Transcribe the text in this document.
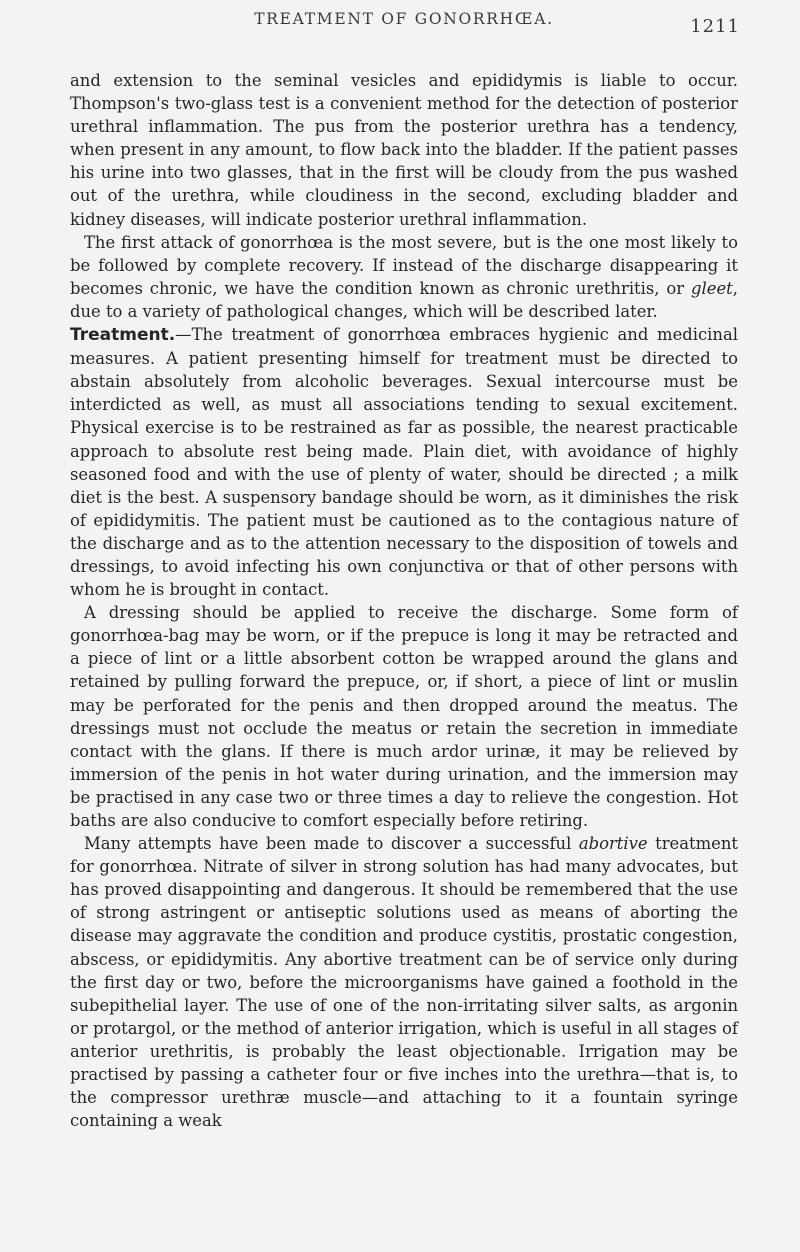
TREATMENT OF GONORRHŒA.	1211

and extension to the seminal vesicles and epididymis is liable to occur. Thompson's two-glass test is a convenient method for the detection of posterior urethral inflammation. The pus from the posterior urethra has a tendency, when present in any amount, to flow back into the bladder. If the patient passes his urine into two glasses, that in the first will be cloudy from the pus washed out of the urethra, while cloudiness in the second, excluding bladder and kidney diseases, will indicate posterior urethral inflammation.

The first attack of gonorrhœa is the most severe, but is the one most likely to be followed by complete recovery. If instead of the discharge disappearing it becomes chronic, we have the condition known as chronic urethritis, or gleet, due to a variety of pathological changes, which will be described later.

Treatment.—The treatment of gonorrhœa embraces hygienic and medicinal measures. A patient presenting himself for treatment must be directed to abstain absolutely from alcoholic beverages. Sexual intercourse must be interdicted as well, as must all associations tending to sexual excitement. Physical exercise is to be restrained as far as possible, the nearest practicable approach to absolute rest being made. Plain diet, with avoidance of highly seasoned food and with the use of plenty of water, should be directed ; a milk diet is the best. A suspensory bandage should be worn, as it diminishes the risk of epididymitis. The patient must be cautioned as to the contagious nature of the discharge and as to the attention necessary to the disposition of towels and dressings, to avoid infecting his own conjunctiva or that of other persons with whom he is brought in contact.

A dressing should be applied to receive the discharge. Some form of gonorrhœa-bag may be worn, or if the prepuce is long it may be retracted and a piece of lint or a little absorbent cotton be wrapped around the glans and retained by pulling forward the prepuce, or, if short, a piece of lint or muslin may be perforated for the penis and then dropped around the meatus. The dressings must not occlude the meatus or retain the secretion in immediate contact with the glans. If there is much ardor urinæ, it may be relieved by immersion of the penis in hot water during urination, and the immersion may be practised in any case two or three times a day to relieve the congestion. Hot baths are also conducive to comfort especially before retiring.

Many attempts have been made to discover a successful abortive treatment for gonorrhœa. Nitrate of silver in strong solution has had many advocates, but has proved disappointing and dangerous. It should be remembered that the use of strong astringent or antiseptic solutions used as means of aborting the disease may aggravate the condition and produce cystitis, prostatic congestion, abscess, or epididymitis. Any abortive treatment can be of service only during the first day or two, before the microorganisms have gained a foothold in the subepithelial layer. The use of one of the non-irritating silver salts, as argonin or protargol, or the method of anterior irrigation, which is useful in all stages of anterior urethritis, is probably the least objectionable. Irrigation may be practised by passing a catheter four or five inches into the urethra—that is, to the compressor urethræ muscle—and attaching to it a fountain syringe containing a weak
